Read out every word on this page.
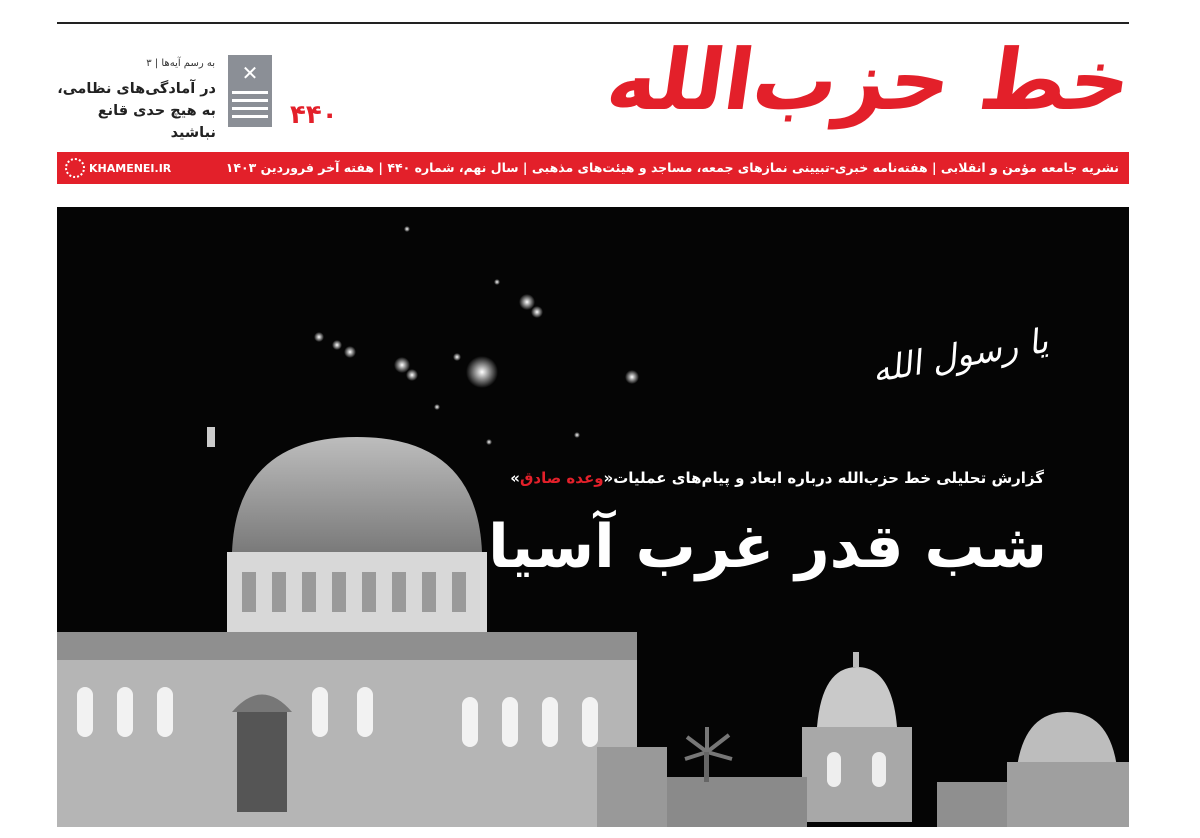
خط حزب‌الله
۴۴۰
✕
به رسم آیه‌ها | ۳
در آمادگی‌های نظامی،
به هیچ حدی قانع نباشید
نشریه جامعه مؤمن و انقلابی | هفته‌نامه خبری-تبیینی نمازهای جمعه، مساجد و هیئت‌های مذهبی | سال نهم، شماره ۴۴۰ | هفته آخر فروردین ۱۴۰۳
KHAMENEI.IR
یا رسول الله
گزارش تحلیلی خط حزب‌الله درباره ابعاد و پیام‌های عملیات«وعده صادق»
شب قدر غرب آسیا
